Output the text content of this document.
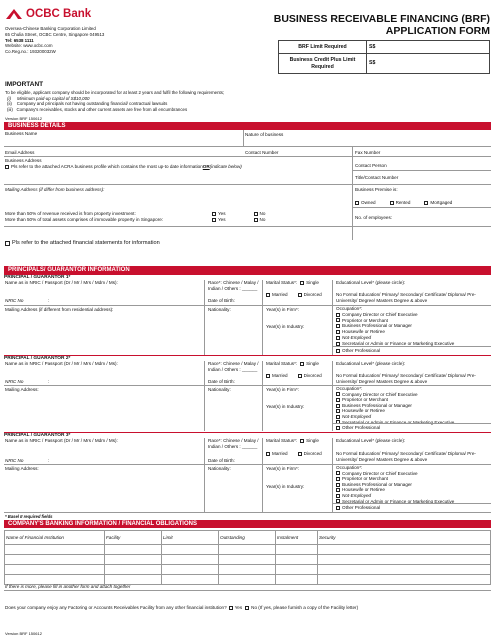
OCBC Bank
Oversea-Chinese Banking Corporation Limited
65 Chulia Street, OCBC Centre, Singapore 049513
Tel: 6538 1111
Website: www.ocbc.com
Co.Reg.no.: 193200032W
BUSINESS RECEIVABLE FINANCING (BRF)
APPLICATION FORM
BRF Limit Required	S$
Business Credit Plus Limit Required	S$
IMPORTANT
To be eligible, applicant company should be incorporated for at least 2 years and fulfil the following requirements;
(i)     Minimum paid-up capital of S$10,000
(ii)    Company and principals not having outstanding financial/ contractual lawsuits
(iii)   Company's receivables, stocks and other current assets are free from all encumbrances
Version BRF 150612
BUSINESS DETAILS
Business Name	Nature of business
Email Address	Contact Number	Fax Number
Business Address
Pls refer to the attached ACRA business profile which contains the most up-to date information OR (indicate below)	Contact Person
Title/Contact Number
Mailing Address (if differ from business address):	Business Premise is:
Owned	Rented	Mortgaged
More than 50% of revenue received is from property investment:
More than 50% of total assets comprises of immovable property in Singapore:
Yes	No
Yes	No	No. of employees:
Pls refer to the attached financial statements for information
PRINCIPALS/ GUARANTOR INFORMATION
PRINCIPAL / GUARANTOR 1*
Name as in NRIC / Passport (Dr / Mr / Mrs / Mdm / Ms):	Race*: Chinese / Malay / Indian / Others : ______
Marital Status*: Single
Married	Divorced
Educational Level* (please circle):
No Formal Education/ Primary/ Secondary/ Certificate/ Diploma/ Pre- University/ Degree/ Masters Degree & above
NRIC No	:	Date of Birth:
Mailing Address (if different from residential address):	Nationality:	Year(s) in Firm*:
Year(s) in Industry:
Occupation*:
Company Director or Chief Executive
Proprietor or Merchant
Business Professional or Manager
Housewife or Retiree
Not-Employed
Secretarial or Admin or Finance or Marketing Executive
Other Professional
PRINCIPAL / GUARANTOR 2*
Name as in NRIC / Passport (Dr / Mr / Mrs / Mdm / Ms):	Race*: Chinese / Malay / Indian / Others : ______
Marital Status*: Single
Married	Divorced
Educational Level* (please circle):
No Formal Education/ Primary/ Secondary/ Certificate/ Diploma/ Pre- University/ Degree/ Masters Degree & above
NRIC No	:	Date of Birth:
Mailing Address:	Nationality:	Year(s) in Firm*:
Year(s) in Industry:
Occupation*:
Company Director or Chief Executive
Proprietor or Merchant
Business Professional or Manager
Housewife or Retiree
Not-Employed
Secretarial or Admin or Finance or Marketing Executive
Other Professional
PRINCIPAL / GUARANTOR 3*
Name as in NRIC / Passport (Dr / Mr / Mrs / Mdm / Ms):	Race*: Chinese / Malay / Indian / Others : ______
Marital Status*: Single
Married	Divorced
Educational Level* (please circle):
No Formal Education/ Primary/ Secondary/ Certificate/ Diploma/ Pre- University/ Degree/ Masters Degree & above
NRIC No	:	Date of Birth:
Mailing Address:	Nationality:	Year(s) in Firm*:
Year(s) in Industry:
Occupation*:
Company Director or Chief Executive
Proprietor or Merchant
Business Professional or Manager
Housewife or Retiree
Not-Employed
Secretarial or Admin or Finance or Marketing Executive
Other Professional
* Basel II required fields
COMPANY'S BANKING INFORMATION / FINANCIAL OBLIGATIONS
Name of Financial Institution	Facility	Limit	Outstanding	Instalment	Security

If there is more, please fill in another form and attach together
Does your company enjoy any Factoring or Accounts Receivables Facility from any other financial institution? Yes No (If yes, please furnish a copy of the Facility letter)
Version BRF 150612
